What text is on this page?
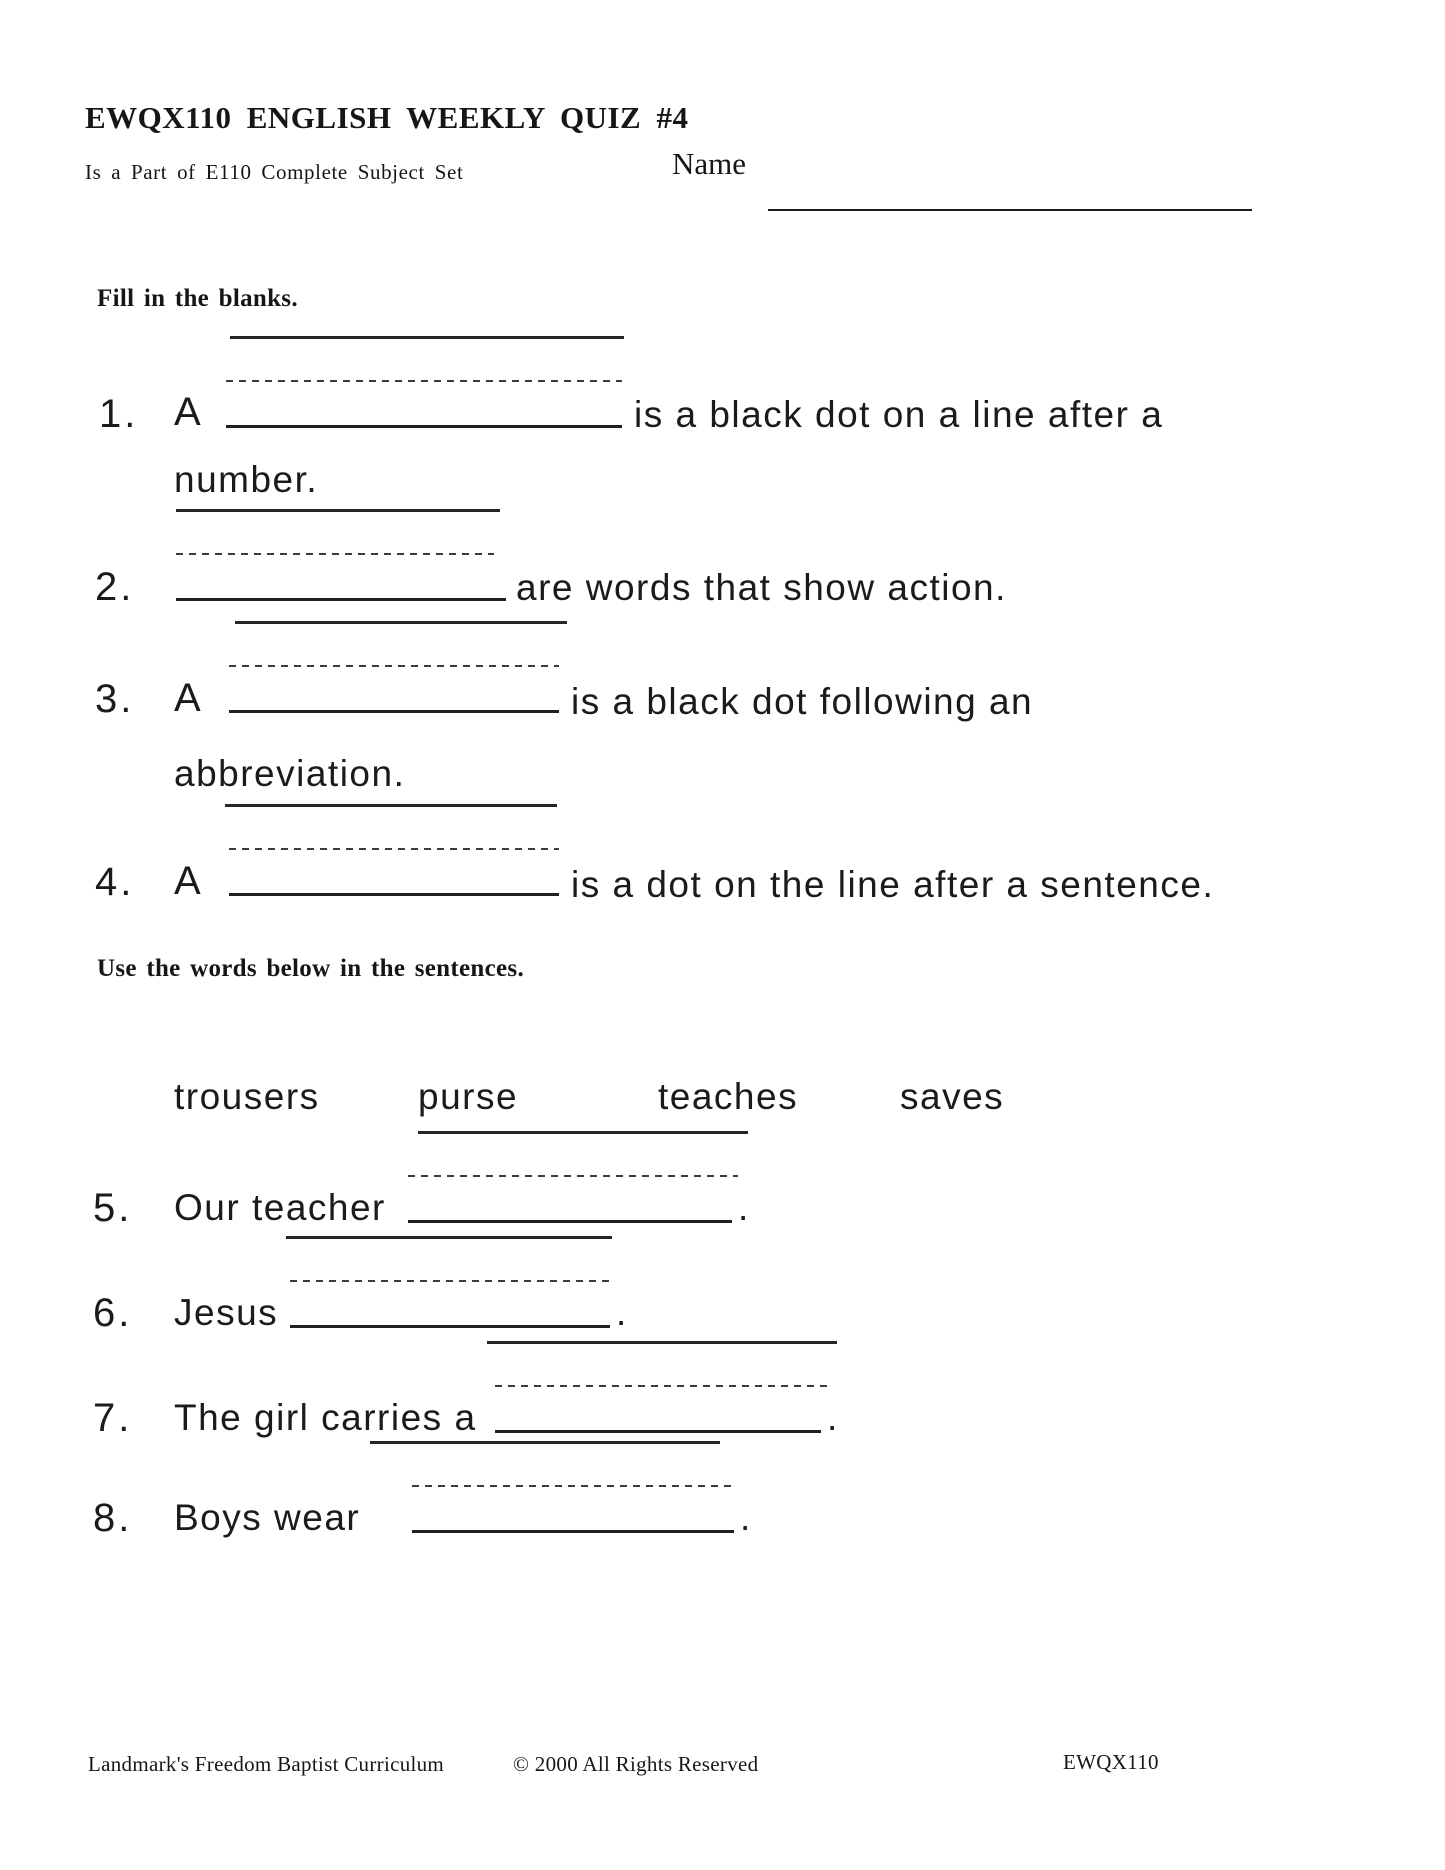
EWQX110 ENGLISH WEEKLY QUIZ #4
Is a Part of E110 Complete Subject Set	Name
Fill in the blanks.
1. A	is a black dot on a line after a
number.
2.	are words that show action.
3. A	is a black dot following an
abbreviation.
4. A	is a dot on the line after a sentence.
Use the words below in the sentences.
trousers	purse	teaches	saves
5. Our teacher	.
6. Jesus	.
7. The girl carries a	.
8. Boys wear	.
Landmark's Freedom Baptist Curriculum	© 2000 All Rights Reserved	EWQX110
